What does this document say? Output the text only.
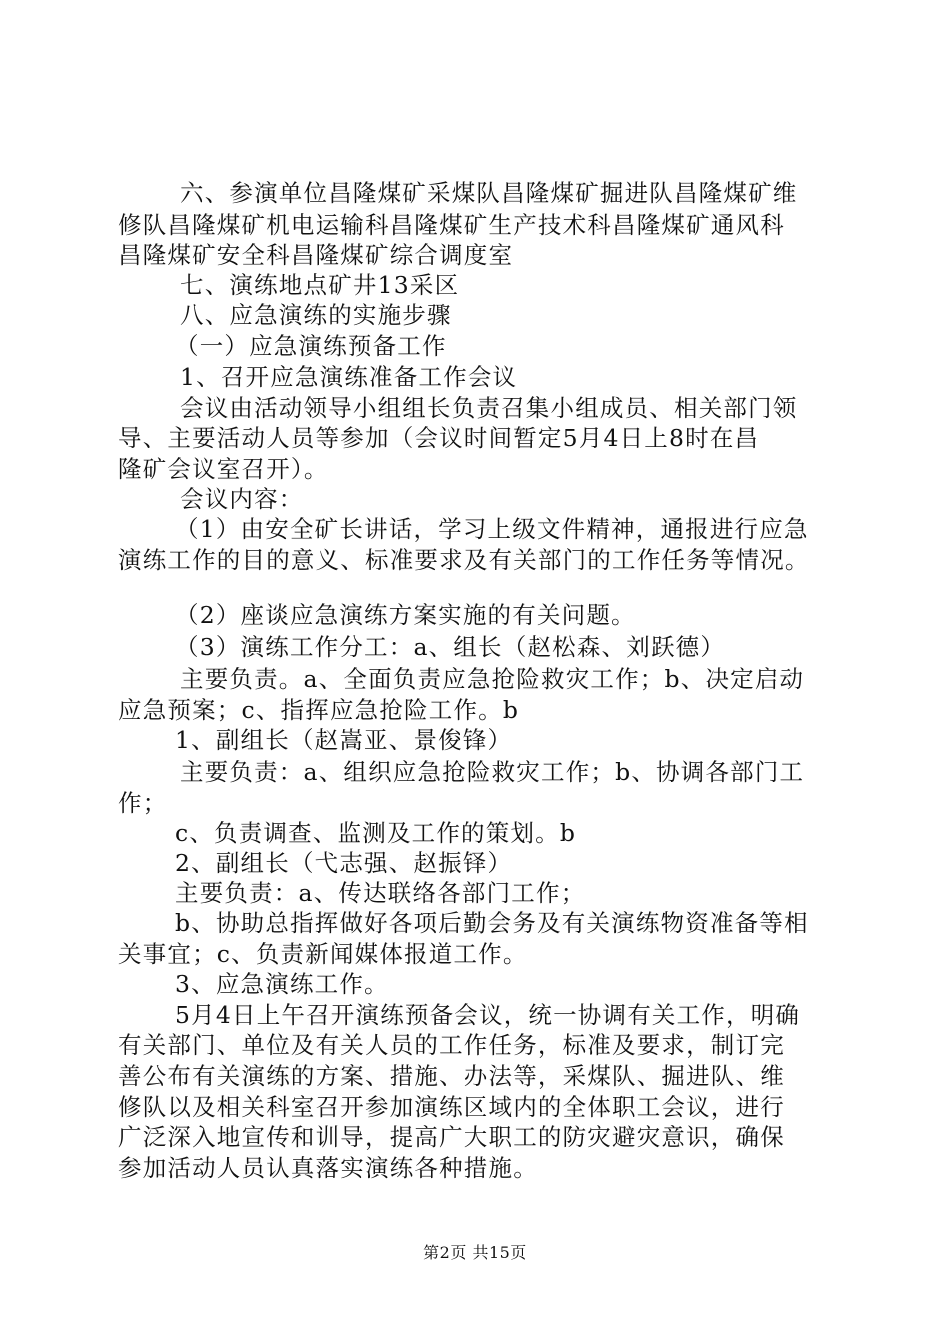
六、参演单位昌隆煤矿采煤队昌隆煤矿掘进队昌隆煤矿维

修队昌隆煤矿机电运输科昌隆煤矿生产技术科昌隆煤矿通风科

昌隆煤矿安全科昌隆煤矿综合调度室

七、演练地点矿井13采区

八、应急演练的实施步骤

（一）应急演练预备工作

1、召开应急演练准备工作会议

会议由活动领导小组组长负责召集小组成员、相关部门领

导、主要活动人员等参加（会议时间暂定5月4日上8时在昌

隆矿会议室召开）。

会议内容：

（1）由安全矿长讲话，学习上级文件精神，通报进行应急

演练工作的目的意义、标准要求及有关部门的工作任务等情况。

（2）座谈应急演练方案实施的有关问题。

（3）演练工作分工：a、组长（赵松森、刘跃德）

主要负责。a、全面负责应急抢险救灾工作；b、决定启动

应急预案；c、指挥应急抢险工作。b

1、副组长（赵嵩亚、景俊锋）

主要负责：a、组织应急抢险救灾工作；b、协调各部门工

作；

c、负责调查、监测及工作的策划。b

2、副组长（弋志强、赵振铎）

主要负责：a、传达联络各部门工作；

b、协助总指挥做好各项后勤会务及有关演练物资准备等相

关事宜；c、负责新闻媒体报道工作。

3、应急演练工作。

5月4日上午召开演练预备会议，统一协调有关工作，明确

有关部门、单位及有关人员的工作任务，标准及要求，制订完

善公布有关演练的方案、措施、办法等，采煤队、掘进队、维

修队以及相关科室召开参加演练区域内的全体职工会议，进行

广泛深入地宣传和训导，提高广大职工的防灾避灾意识，确保

参加活动人员认真落实演练各种措施。

第2页 共15页
